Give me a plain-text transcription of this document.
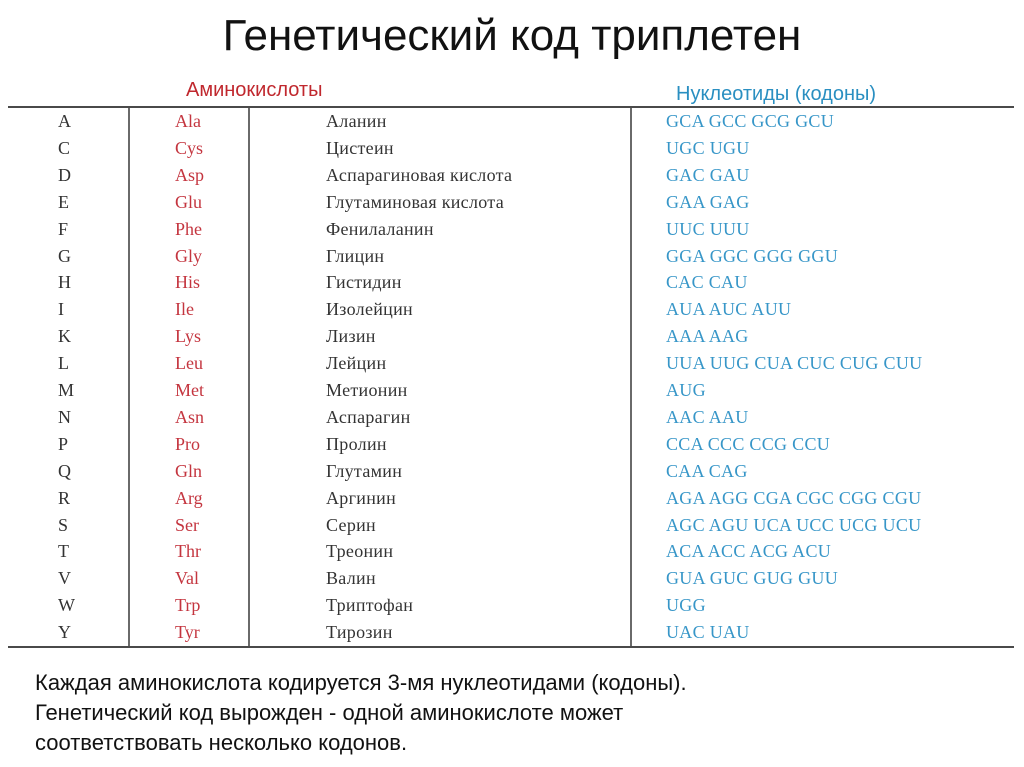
Генетический код триплетен
Аминокислоты	Нуклеотиды (кодоны)
A	Ala	Аланин	GCA GCC GCG GCU
C	Cys	Цистеин	UGC UGU
D	Asp	Аспарагиновая кислота	GAC GAU
E	Glu	Глутаминовая кислота	GAA GAG
F	Phe	Фенилаланин	UUC UUU
G	Gly	Глицин	GGA GGC GGG GGU
H	His	Гистидин	CAC CAU
I	Ile	Изолейцин	AUA AUC AUU
K	Lys	Лизин	AAA AAG
L	Leu	Лейцин	UUA UUG CUA CUC CUG CUU
M	Met	Метионин	AUG
N	Asn	Аспарагин	AAC AAU
P	Pro	Пролин	CCA CCC CCG CCU
Q	Gln	Глутамин	CAA CAG
R	Arg	Аргинин	AGA AGG CGA CGC CGG CGU
S	Ser	Серин	AGC AGU UCA UCC UCG UCU
T	Thr	Треонин	ACA ACC ACG ACU
V	Val	Валин	GUA GUC GUG GUU
W	Trp	Триптофан	UGG
Y	Tyr	Тирозин	UAC UAU
Каждая аминокислота кодируется 3-мя нуклеотидами (кодоны).
Генетический код вырожден - одной аминокислоте может
соответствовать несколько кодонов.
